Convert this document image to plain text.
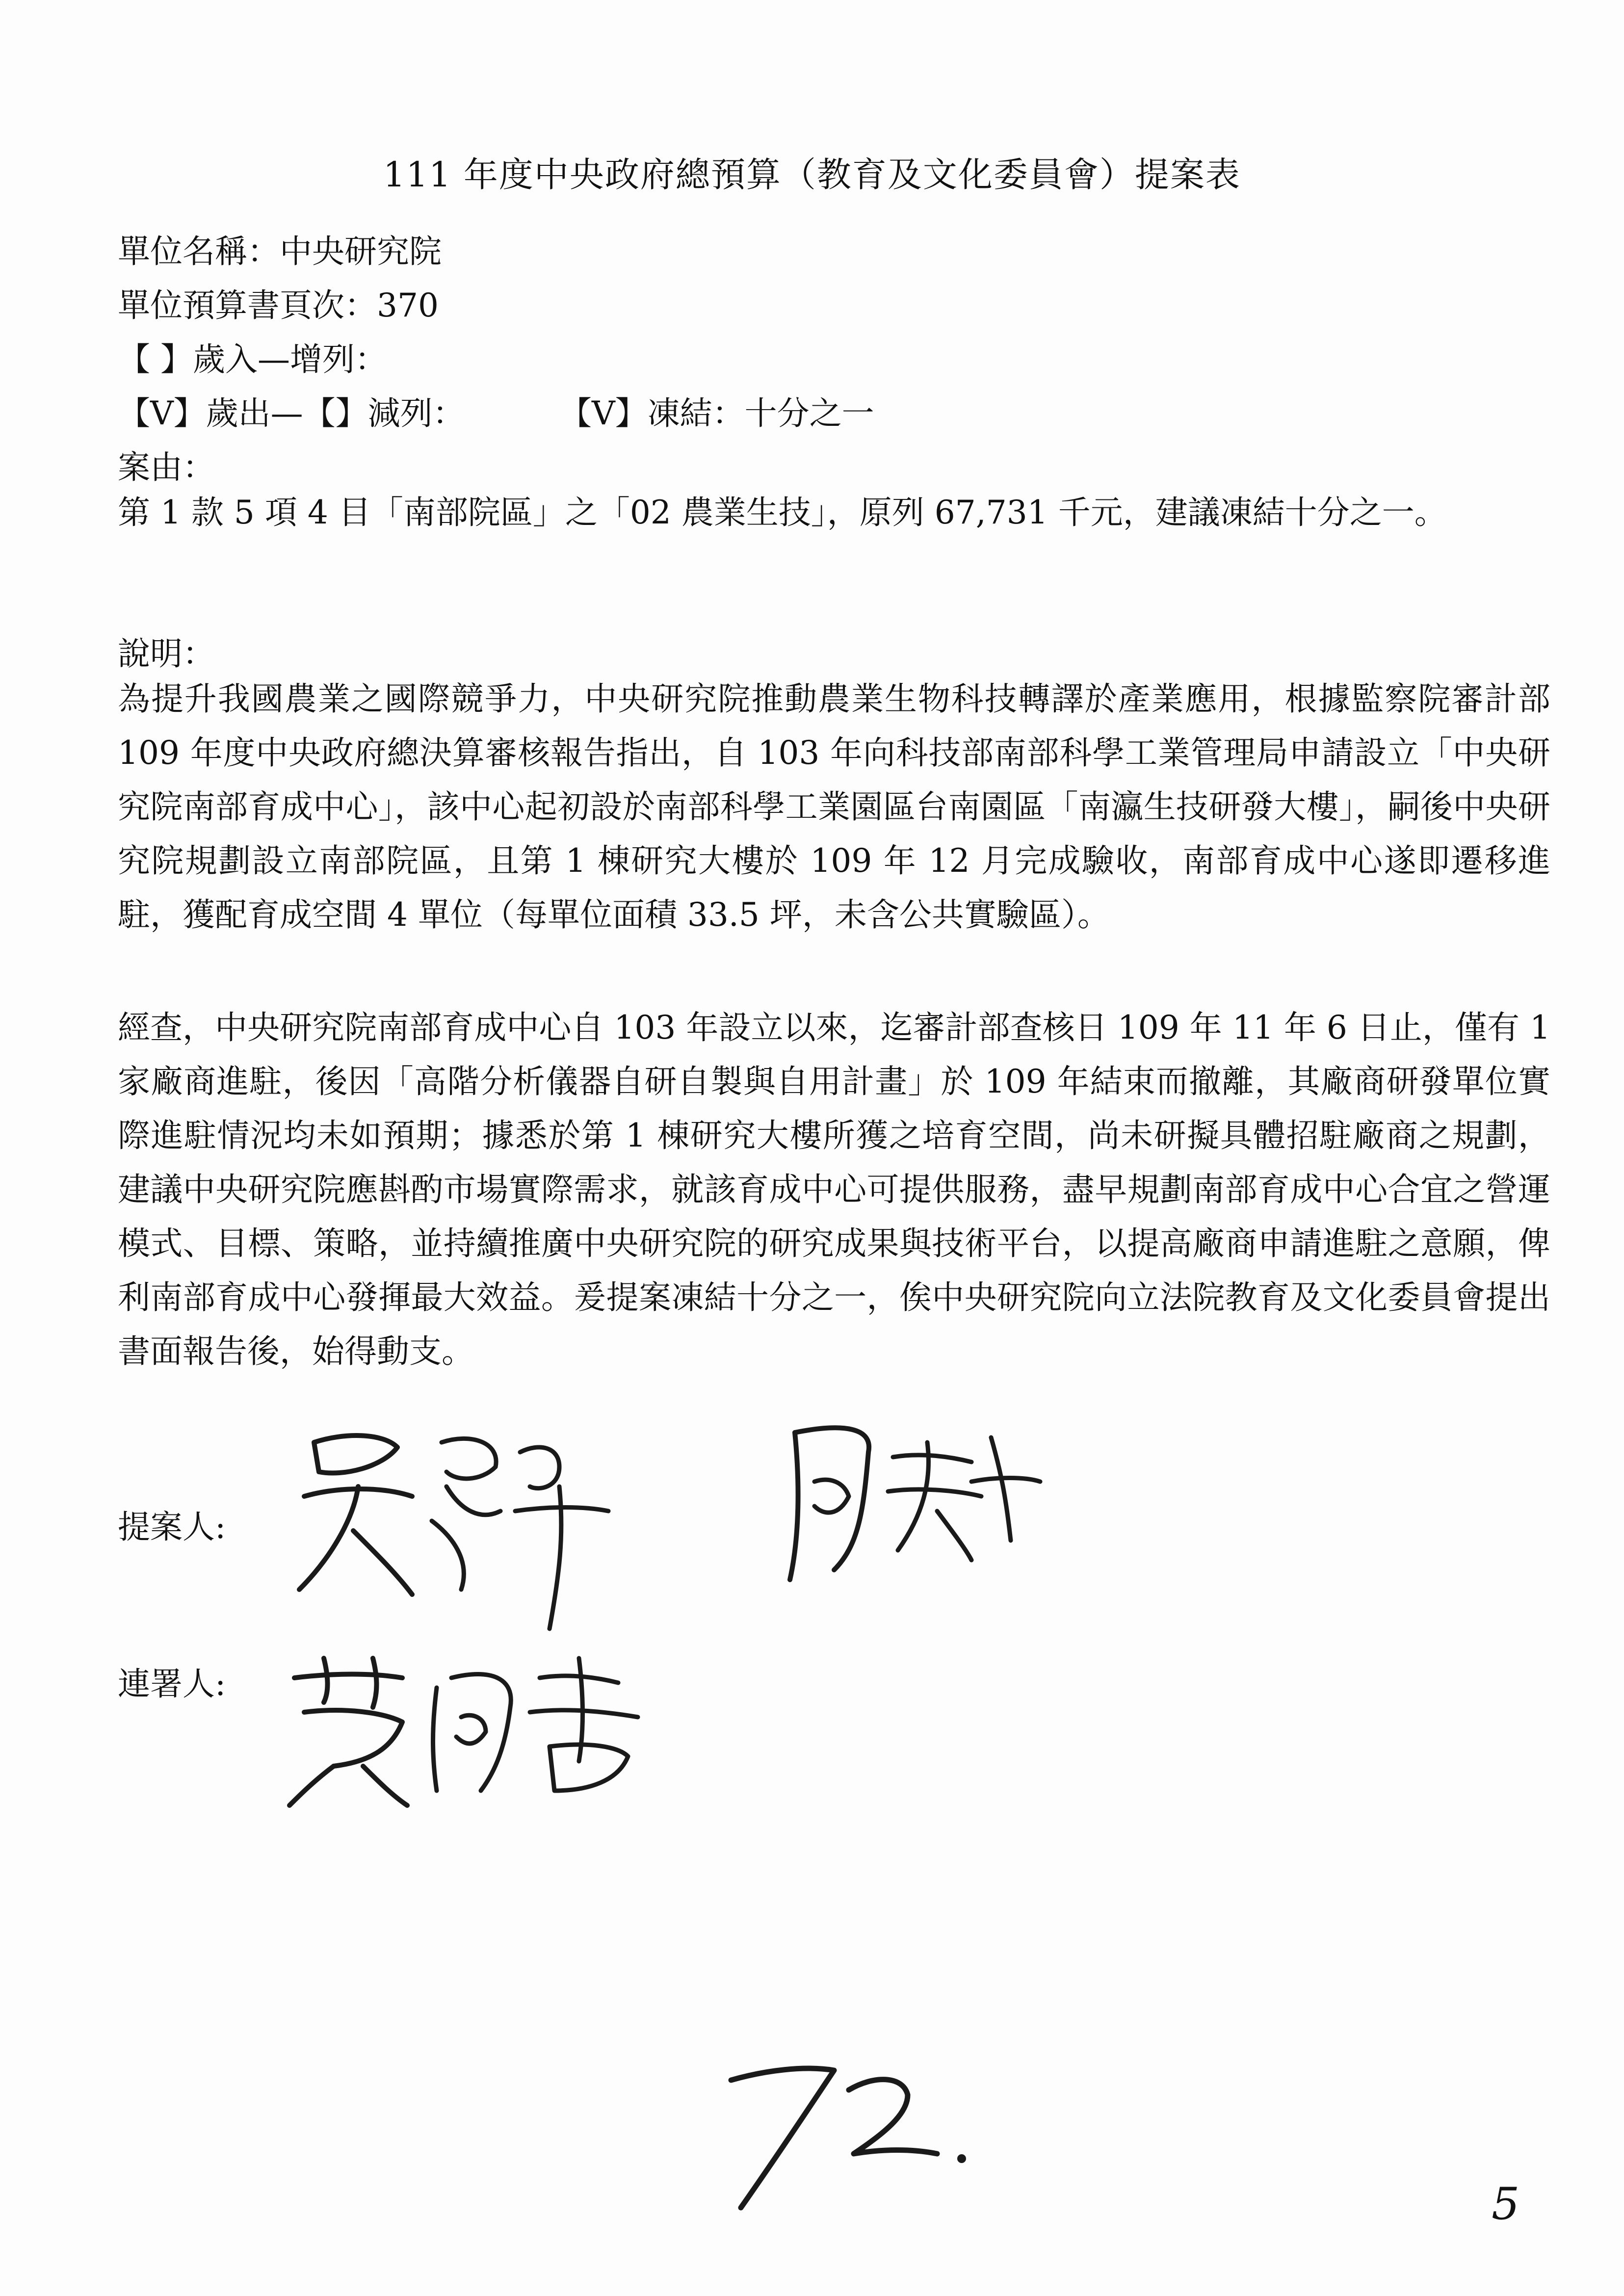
111 年度中央政府總預算（教育及文化委員會）提案表
單位名稱：中央研究院
單位預算書頁次：370
【 】歲入—增列：
【V】歲出—【】減列：	【V】凍結：十分之一
案由：
第 1 款 5 項 4 目「南部院區」之「02 農業生技」，原列 67,731 千元，建議凍結十分之一。
說明：
為提升我國農業之國際競爭力，中央研究院推動農業生物科技轉譯於產業應用，根據監察院審計部 109 年度中央政府總決算審核報告指出，自 103 年向科技部南部科學工業管理局申請設立「中央研究院南部育成中心」，該中心起初設於南部科學工業園區台南園區「南瀛生技研發大樓」，嗣後中央研究院規劃設立南部院區，且第 1 棟研究大樓於 109 年 12 月完成驗收，南部育成中心遂即遷移進駐，獲配育成空間 4 單位（每單位面積 33.5 坪，未含公共實驗區）。
經查，中央研究院南部育成中心自 103 年設立以來，迄審計部查核日 109 年 11 年 6 日止，僅有 1 家廠商進駐，後因「高階分析儀器自研自製與自用計畫」於 109 年結束而撤離，其廠商研發單位實際進駐情況均未如預期；據悉於第 1 棟研究大樓所獲之培育空間，尚未研擬具體招駐廠商之規劃，建議中央研究院應斟酌市場實際需求，就該育成中心可提供服務，盡早規劃南部育成中心合宜之營運模式、目標、策略，並持續推廣中央研究院的研究成果與技術平台，以提高廠商申請進駐之意願，俾利南部育成中心發揮最大效益。爰提案凍結十分之一，俟中央研究院向立法院教育及文化委員會提出書面報告後，始得動支。
提案人:
連署人:
5
